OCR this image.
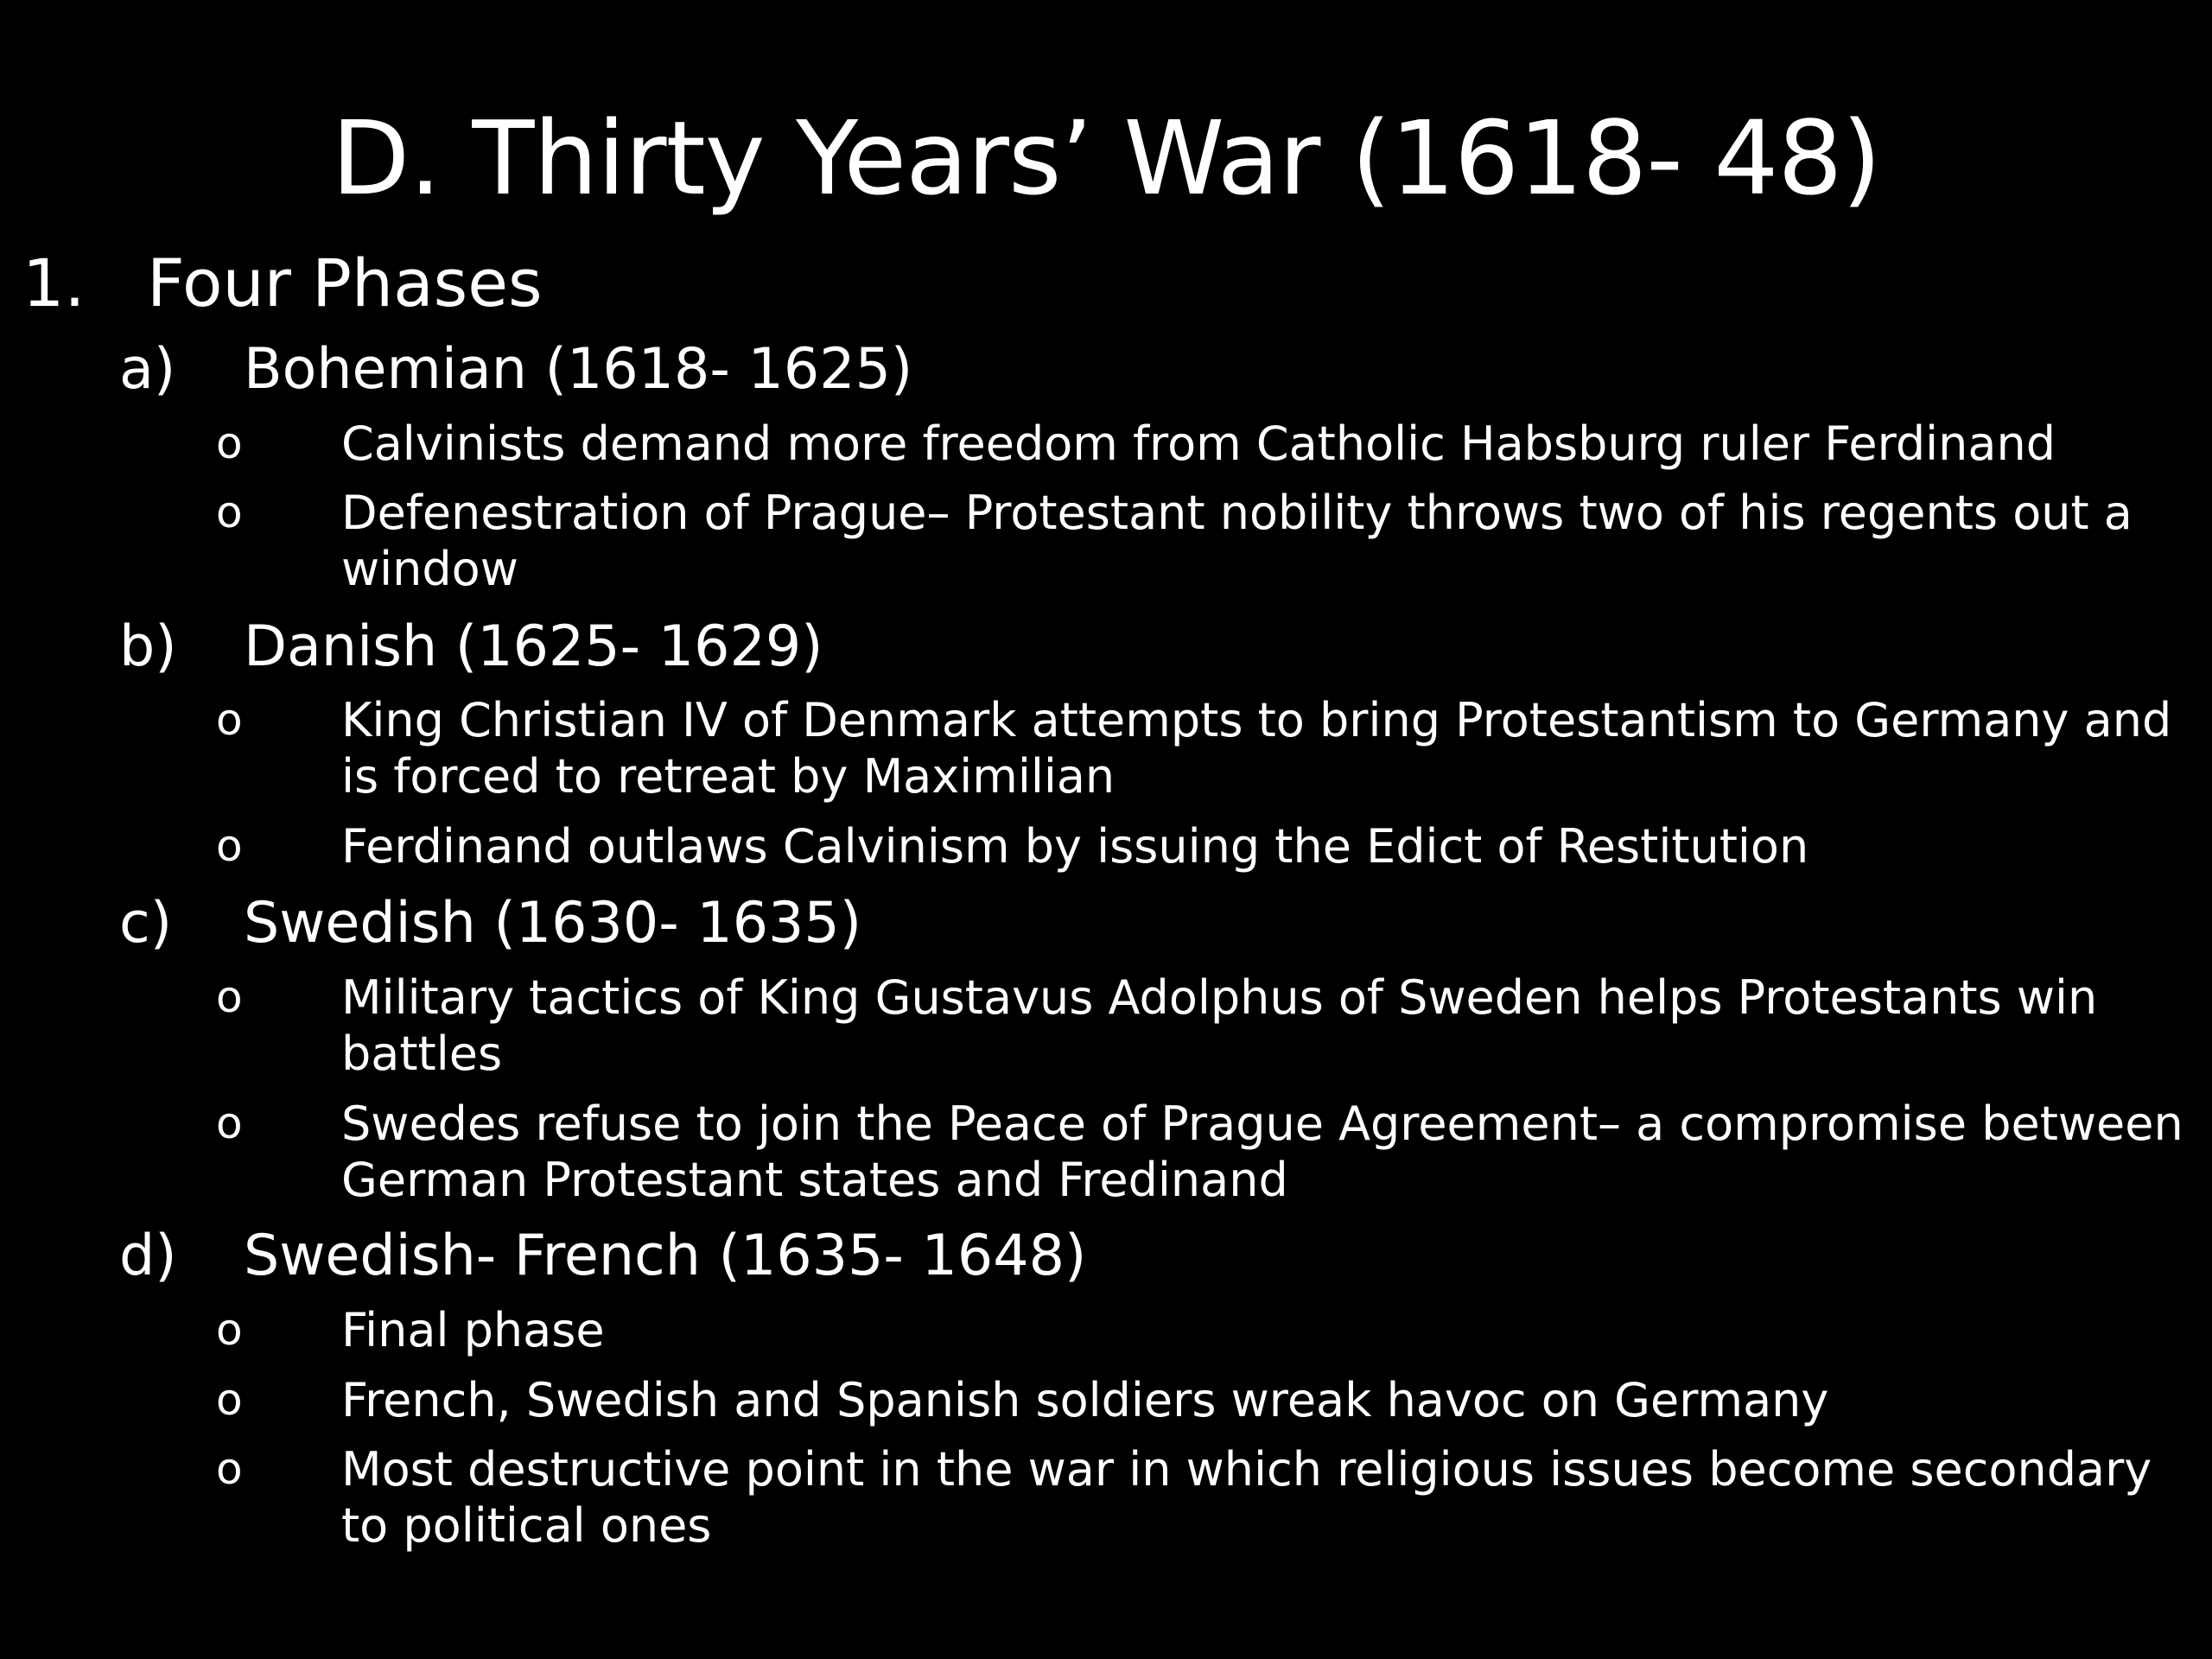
D. Thirty Years’ War (1618- 48)
1. Four Phases
a) Bohemian (1618- 1625)
o Calvinists demand more freedom from Catholic Habsburg ruler Ferdinand
o Defenestration of Prague– Protestant nobility throws two of his regents out a window
b) Danish (1625- 1629)
o King Christian IV of Denmark attempts to bring Protestantism to Germany and is forced to retreat by Maximilian
o Ferdinand outlaws Calvinism by issuing the Edict of Restitution
c) Swedish (1630- 1635)
o Military tactics of King Gustavus Adolphus of Sweden helps Protestants win battles
o Swedes refuse to join the Peace of Prague Agreement– a compromise between German Protestant states and Fredinand
d) Swedish- French (1635- 1648)
o Final phase
o French, Swedish and Spanish soldiers wreak havoc on Germany
o Most destructive point in the war in which religious issues become secondary to political ones
